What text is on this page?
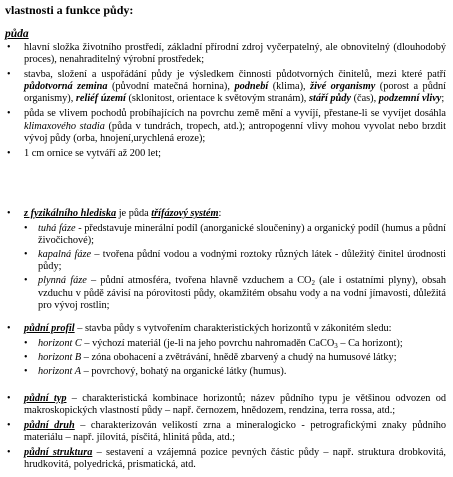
vlastnosti a funkce půdy:
půda
• hlavní složka životního prostředí, základní přírodní zdroj vyčerpatelný, ale obnovitelný (dlouhodobý proces), nenahraditelný výrobní prostředek;
• stavba, složení a uspořádání půdy je výsledkem činnosti půdotvorných činitelů, mezi které patří půdotvorná zemina (původní matečná hornina), podnebí (klima), živé organismy (porost a půdní organismy), reliéf území (sklonitost, orientace k světovým stranám), stáří půdy (čas), podzemní vlivy;
• půda se vlivem pochodů probíhajících na povrchu země mění a vyvíjí, přestane-li se vyvíjet dosáhla klimaxového stadia (půda v tundrách, tropech, atd.); antropogenní vlivy mohou vyvolat nebo brzdit vývoj půdy (orba, hnojení,urychlená eroze);
• 1 cm ornice se vytváří až 200 let;
• z fyzikálního hlediska je půda třífázový systém:
• tuhá fáze - představuje minerální podíl (anorganické sloučeniny) a organický podíl (humus a půdní živočichové);
• kapalná fáze – tvořena půdní vodou a vodnými roztoky různých látek - důležitý činitel úrodnosti půdy;
• plynná fáze – půdní atmosféra, tvořena hlavně vzduchem a $CO_2$ (ale i ostatními plyny), obsah vzduchu v půdě závisí na pórovitosti půdy, okamžitém obsahu vody a na vodní jímavosti, důležitá pro vývoj rostlin;
• půdní profil – stavba půdy s vytvořením charakteristických horizontů v zákonitém sledu:
• horizont C – výchozí materiál (je-li na jeho povrchu nahromaděn CaCO$_3$ – Ca horizont);
• horizont B – zóna obohacení a zvětrávání, hnědě zbarvený a chudý na humusové látky;
• horizont A – povrchový, bohatý na organické látky (humus).
• půdní typ – charakteristická kombinace horizontů; název půdního typu je většinou odvozen od makroskopických vlastností půdy – např. černozem, hnědozem, rendzina, terra rossa, atd.;
• půdní druh – charakterizován velikostí zrna a mineralogicko - petrografickými znaky půdního materiálu – např. jílovitá, písčitá, hlinitá půda, atd.;
• půdní struktura – sestavení a vzájemná pozice pevných částic půdy – např. struktura drobkovitá, hrudkovitá, polyedrická, prismatická, atd.
